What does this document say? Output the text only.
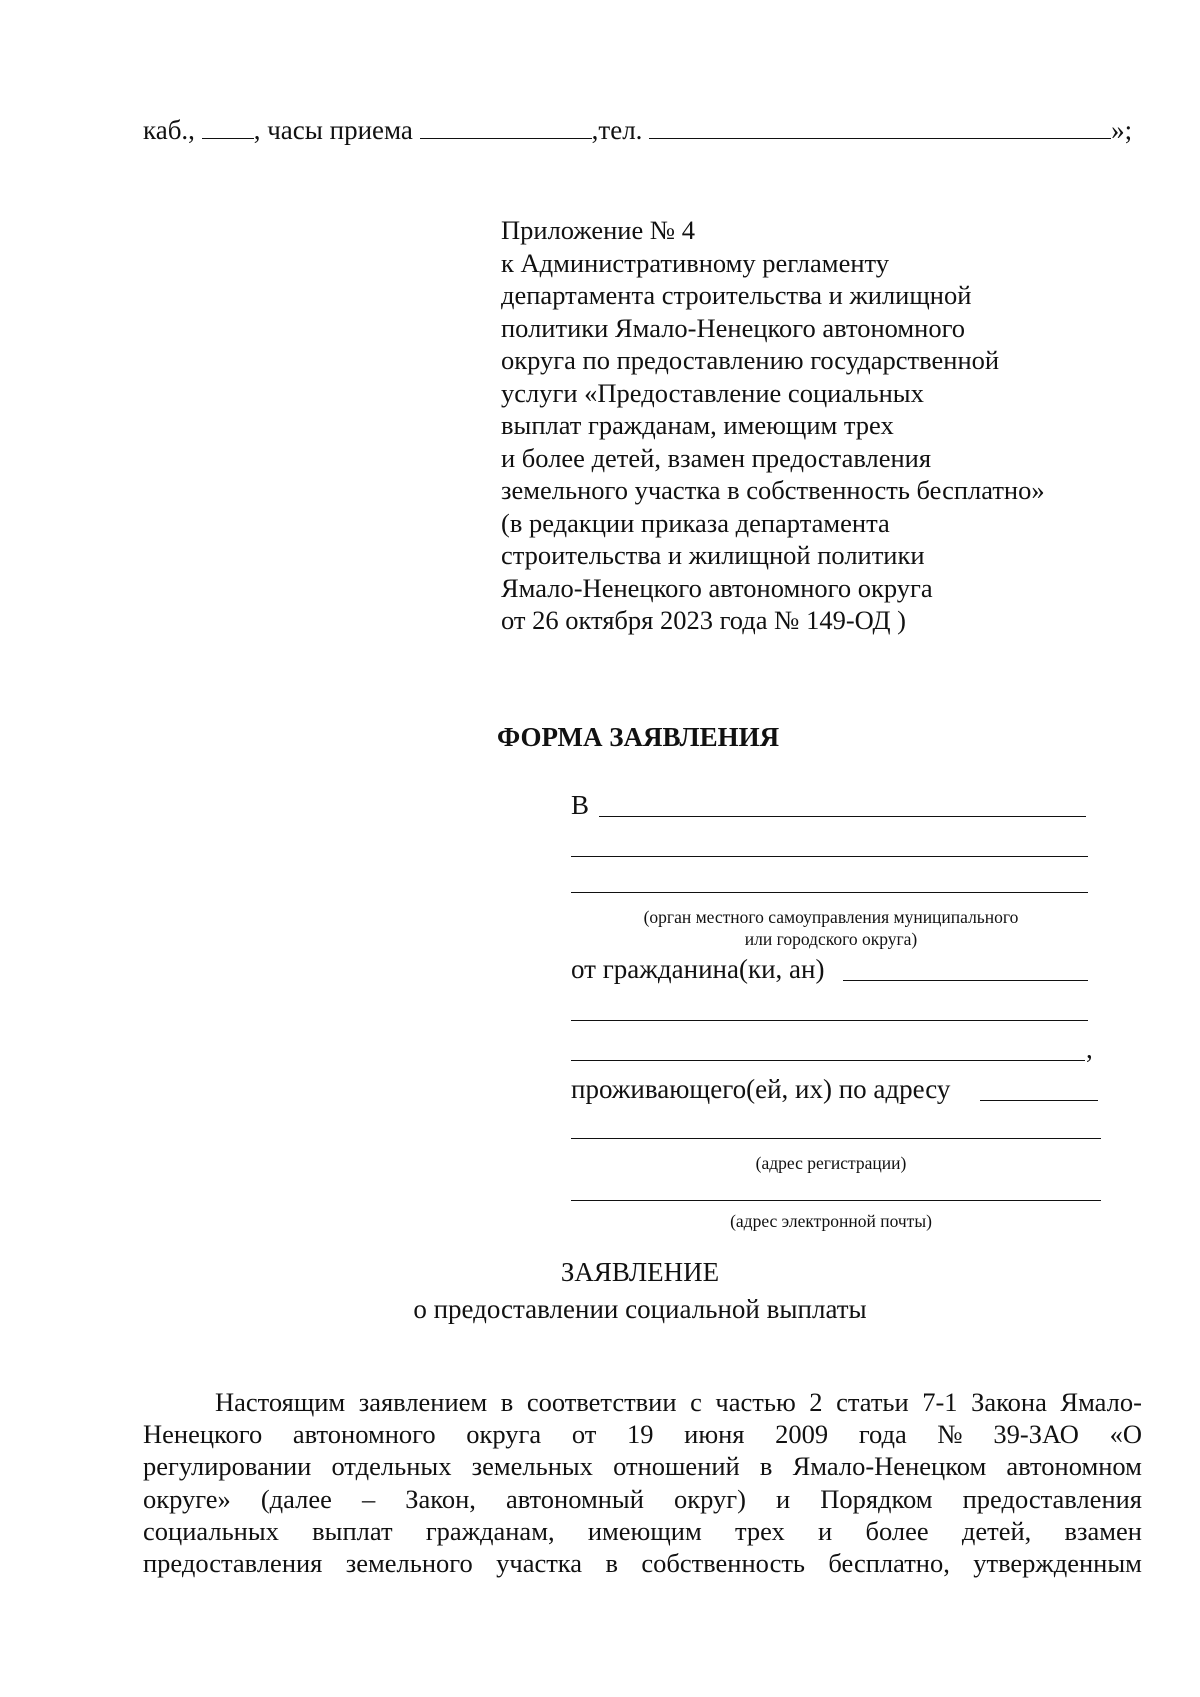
каб., , часы приема	,тел.	»;
Приложение № 4
к Административному регламенту
департамента строительства и жилищной
политики Ямало-Ненецкого автономного
округа по предоставлению государственной
услуги «Предоставление социальных
выплат гражданам, имеющим трех
и более детей, взамен предоставления
земельного участка в собственность бесплатно»
(в редакции приказа департамента
строительства и жилищной политики
Ямало-Ненецкого автономного округа
от 26 октября 2023 года № 149-ОД )
ФОРМА ЗАЯВЛЕНИЯ
В
(орган местного самоуправления муниципального
или городского округа)
от гражданина(ки, ан)
,
проживающего(ей, их) по адресу
(адрес регистрации)
(адрес электронной почты)
ЗАЯВЛЕНИЕ
о предоставлении социальной выплаты
Настоящим заявлением в соответствии с частью 2 статьи 7-1 Закона Ямало-
Ненецкого автономного округа от 19 июня 2009 года № 39-ЗАО «О
регулировании отдельных земельных отношений в Ямало-Ненецком автономном
округе» (далее – Закон, автономный округ) и Порядком предоставления
социальных выплат гражданам, имеющим трех и более детей, взамен
предоставления земельного участка в собственность бесплатно, утвержденным
